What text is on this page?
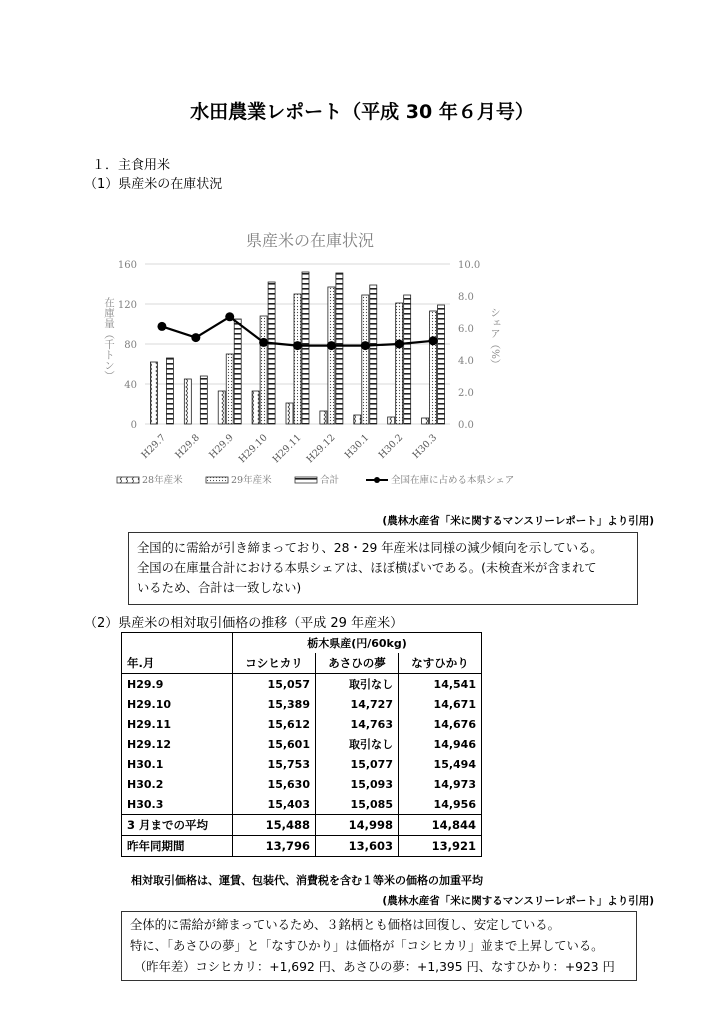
水田農業レポート（平成 30 年６月号）
１．主食用米
（1）県産米の在庫状況
県産米の在庫状況
0
40
80
120
160
0.0
2.0
4.0
6.0
8.0
10.0
H29.7 H29.8 H29.9 H29.10 H29.11 H29.12 H30.1 H30.2 H30.3
28年産米	29年産米	合計	全国在庫に占める本県シェア
在庫量（千トン）	シェア（%）
(農林水産省「米に関するマンスリーレポート」より引用)

全国的に需給が引き締まっており、28・29 年産米は同様の減少傾向を示している。

全国の在庫量合計における本県シェアは、ほぼ横ばいである。(未検査米が含まれて

いるため、合計は一致しない)

（2）県産米の相対取引価格の推移（平成 29 年産米）
	栃木県産(円/60kg)		
年.月	コシヒカリ	あさひの夢	なすひかり
H29.9	15,057	取引なし	14,541
H29.10	15,389	14,727	14,671
H29.11	15,612	14,763	14,676
H29.12	15,601	取引なし	14,946
H30.1	15,753	15,077	15,494
H30.2	15,630	15,093	14,973
H30.3	15,403	15,085	14,956
3 月までの平均	15,488	14,998	14,844
昨年同期間	13,796	13,603	13,921
相対取引価格は、運賃、包装代、消費税を含む１等米の価格の加重平均
(農林水産省「米に関するマンスリーレポート」より引用)

全体的に需給が締まっているため、３銘柄とも価格は回復し、安定している。

特に、「あさひの夢」と「なすひかり」は価格が「コシヒカリ」並まで上昇している。

（昨年差）コシヒカリ：+1,692 円、あさひの夢：+1,395 円、なすひかり：+923 円
